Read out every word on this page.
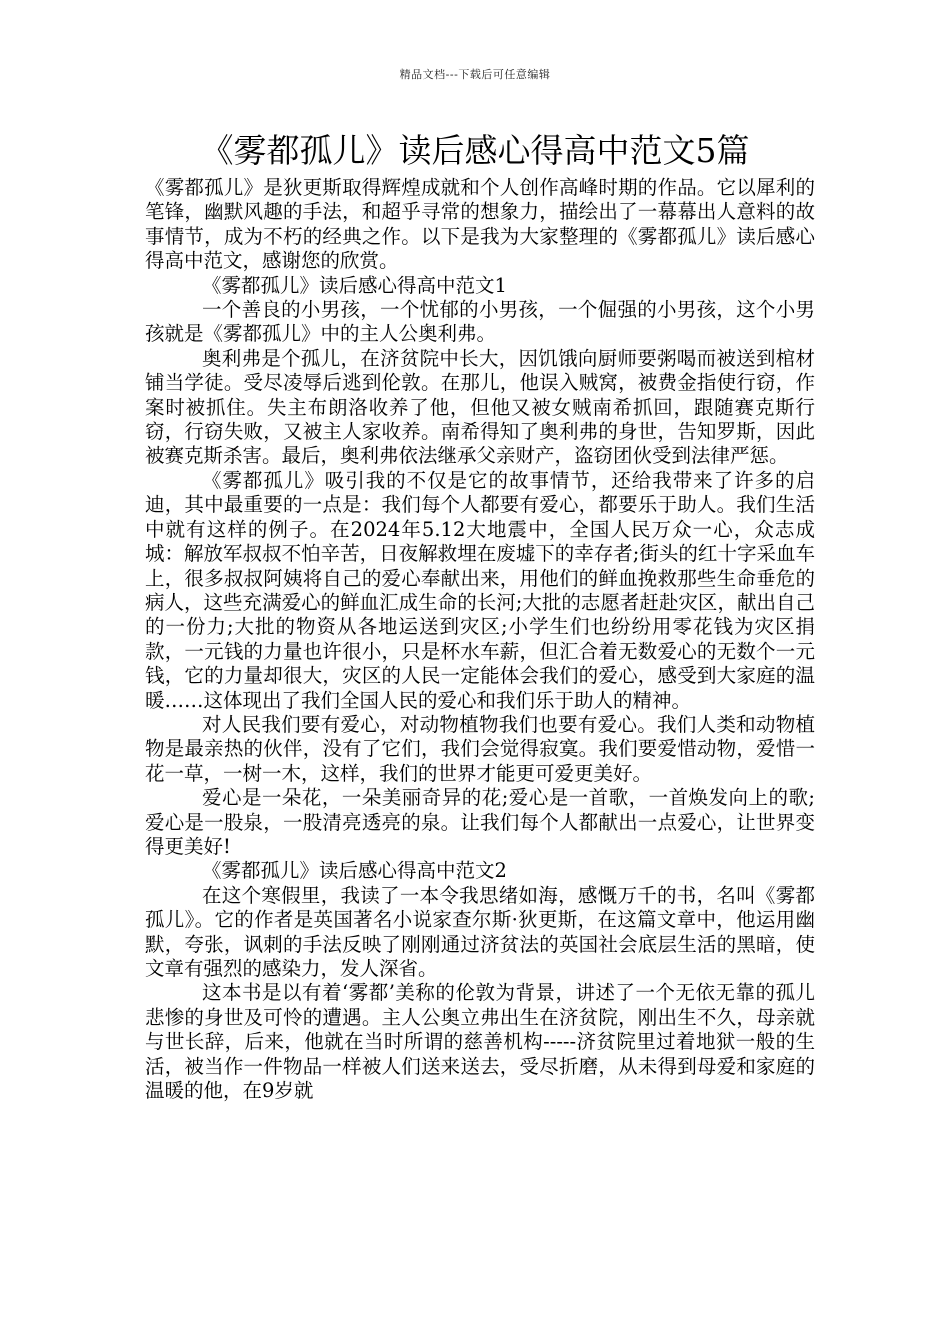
精品文档---下载后可任意编辑
《雾都孤儿》读后感心得高中范文5篇

《雾都孤儿》是狄更斯取得辉煌成就和个人创作高峰时期的作品。它以犀利的笔锋，幽默风趣的手法，和超乎寻常的想象力，描绘出了一幕幕出人意料的故事情节，成为不朽的经典之作。以下是我为大家整理的《雾都孤儿》读后感心得高中范文，感谢您的欣赏。

《雾都孤儿》读后感心得高中范文1

一个善良的小男孩，一个忧郁的小男孩，一个倔强的小男孩，这个小男孩就是《雾都孤儿》中的主人公奥利弗。

奥利弗是个孤儿，在济贫院中长大，因饥饿向厨师要粥喝而被送到棺材铺当学徒。受尽凌辱后逃到伦敦。在那儿，他误入贼窝，被费金指使行窃，作案时被抓住。失主布朗洛收养了他，但他又被女贼南希抓回，跟随赛克斯行窃，行窃失败，又被主人家收养。南希得知了奥利弗的身世，告知罗斯，因此被赛克斯杀害。最后，奥利弗依法继承父亲财产，盗窃团伙受到法律严惩。

《雾都孤儿》吸引我的不仅是它的故事情节，还给我带来了许多的启迪，其中最重要的一点是：我们每个人都要有爱心，都要乐于助人。我们生活中就有这样的例子。在2024年5.12大地震中，全国人民万众一心，众志成城：解放军叔叔不怕辛苦，日夜解救埋在废墟下的幸存者;街头的红十字采血车上，很多叔叔阿姨将自己的爱心奉献出来，用他们的鲜血挽救那些生命垂危的病人，这些充满爱心的鲜血汇成生命的长河;大批的志愿者赶赴灾区，献出自己的一份力;大批的物资从各地运送到灾区;小学生们也纷纷用零花钱为灾区捐款，一元钱的力量也许很小，只是杯水车薪，但汇合着无数爱心的无数个一元钱，它的力量却很大，灾区的人民一定能体会我们的爱心，感受到大家庭的温暖……这体现出了我们全国人民的爱心和我们乐于助人的精神。

对人民我们要有爱心，对动物植物我们也要有爱心。我们人类和动物植物是最亲热的伙伴，没有了它们，我们会觉得寂寞。我们要爱惜动物，爱惜一花一草，一树一木，这样，我们的世界才能更可爱更美好。

爱心是一朵花，一朵美丽奇异的花;爱心是一首歌，一首焕发向上的歌;爱心是一股泉，一股清亮透亮的泉。让我们每个人都献出一点爱心，让世界变得更美好!

《雾都孤儿》读后感心得高中范文2

在这个寒假里，我读了一本令我思绪如海，感慨万千的书，名叫《雾都孤儿》。它的作者是英国著名小说家查尔斯·狄更斯，在这篇文章中，他运用幽默，夸张，讽刺的手法反映了刚刚通过济贫法的英国社会底层生活的黑暗，使文章有强烈的感染力，发人深省。

这本书是以有着‘雾都’美称的伦敦为背景，讲述了一个无依无靠的孤儿悲惨的身世及可怜的遭遇。主人公奥立弗出生在济贫院，刚出生不久，母亲就与世长辞，后来，他就在当时所谓的慈善机构-----济贫院里过着地狱一般的生活，被当作一件物品一样被人们送来送去，受尽折磨，从未得到母爱和家庭的温暖的他，在9岁就
